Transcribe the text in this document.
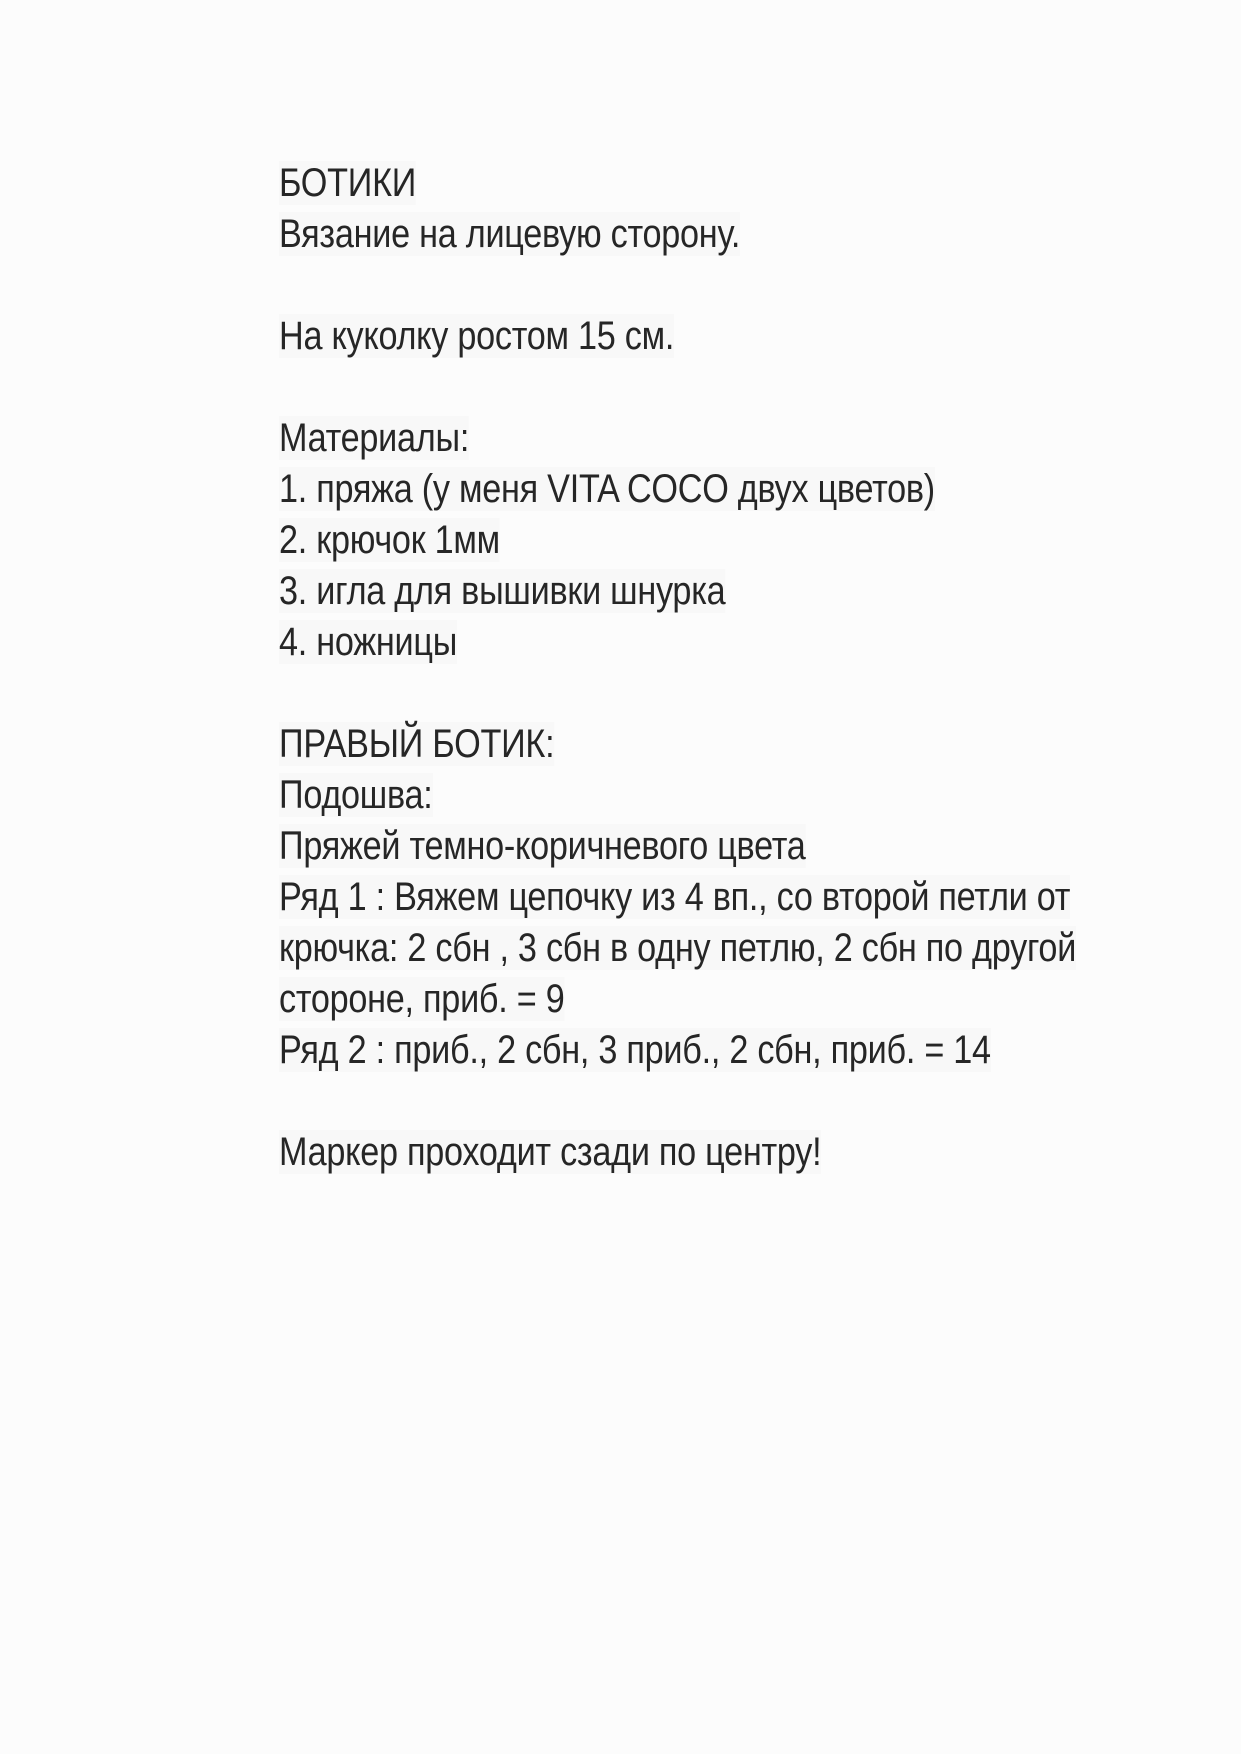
БОТИКИ
Вязание на лицевую сторону.
На куколку ростом 15 см.
Материалы:
1. пряжа (у меня VITA COCO двух цветов)
2. крючок 1мм
3. игла для вышивки шнурка
4. ножницы
ПРАВЫЙ БОТИК:
Подошва:
Пряжей темно-коричневого цвета
Ряд 1 : Вяжем цепочку из 4 вп., со второй петли от
крючка: 2 сбн , 3 сбн в одну петлю, 2 сбн по другой
стороне, приб. = 9
Ряд 2 : приб., 2 сбн, 3 приб., 2 сбн, приб. = 14
Маркер проходит сзади по центру!
